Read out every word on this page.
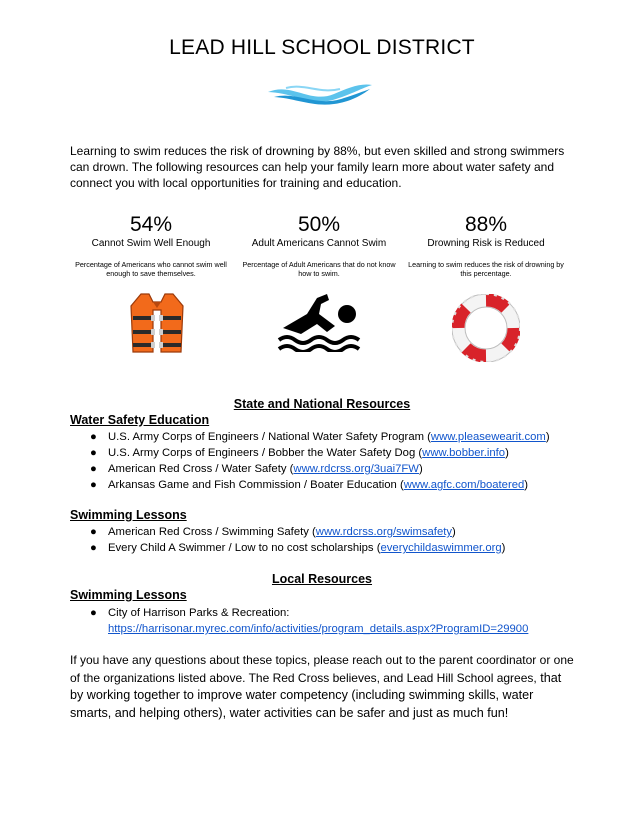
LEAD HILL SCHOOL DISTRICT
Learning to swim reduces the risk of drowning by 88%, but even skilled and strong swimmers can drown. The following resources can help your family learn more about water safety and connect you with local opportunities for training and education.
54%
Cannot Swim Well Enough
Percentage of Americans who cannot swim well enough to save themselves.
50%
Adult Americans Cannot Swim
Percentage of Adult Americans that do not know how to swim.
88%
Drowning Risk is Reduced
Learning to swim reduces the risk of drowning by this percentage.
State and National Resources
Water Safety Education
● U.S. Army Corps of Engineers / National Water Safety Program (www.pleasewearit.com)
● U.S. Army Corps of Engineers / Bobber the Water Safety Dog (www.bobber.info)
● American Red Cross / Water Safety (www.rdcrss.org/3uai7FW)
● Arkansas Game and Fish Commission / Boater Education (www.agfc.com/boatered)
Swimming Lessons
● American Red Cross / Swimming Safety (www.rdcrss.org/swimsafety)
● Every Child A Swimmer / Low to no cost scholarships (everychildaswimmer.org)
Local Resources
Swimming Lessons
● City of Harrison Parks & Recreation:
https://harrisonar.myrec.com/info/activities/program_details.aspx?ProgramID=29900
If you have any questions about these topics, please reach out to the parent coordinator or one of the organizations listed above. The Red Cross believes, and Lead Hill School agrees, that by working together to improve water competency (including swimming skills, water smarts, and helping others), water activities can be safer and just as much fun!
